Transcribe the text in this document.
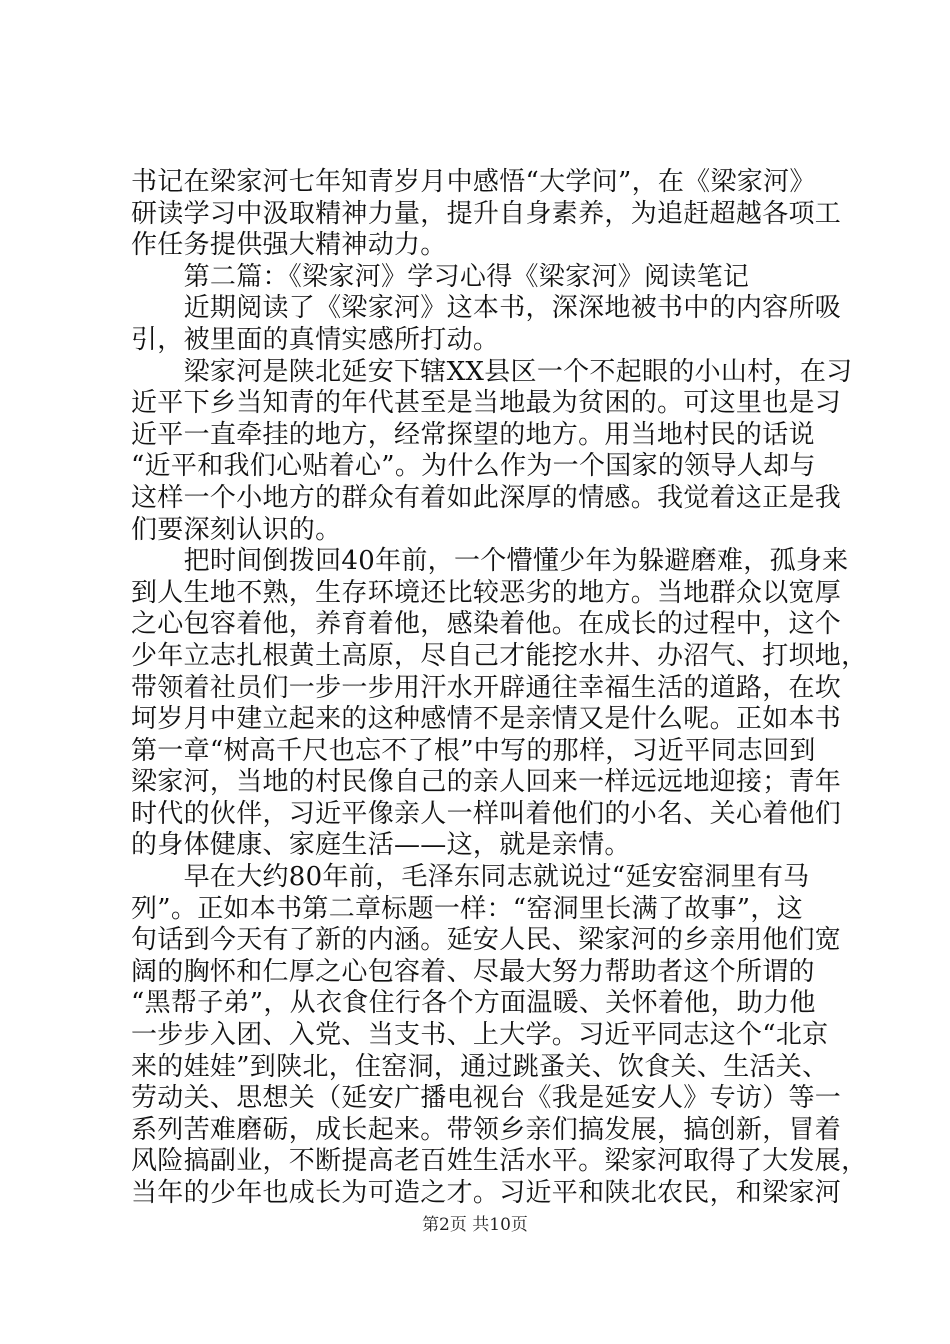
书记在梁家河七年知青岁月中感悟“大学问”，在《梁家河》
研读学习中汲取精神力量，提升自身素养，为追赶超越各项工
作任务提供强大精神动力。
　　第二篇：《梁家河》学习心得《梁家河》阅读笔记
　　近期阅读了《梁家河》这本书，深深地被书中的内容所吸
引，被里面的真情实感所打动。
　　梁家河是陕北延安下辖XX县区一个不起眼的小山村，在习
近平下乡当知青的年代甚至是当地最为贫困的。可这里也是习
近平一直牵挂的地方，经常探望的地方。用当地村民的话说
“近平和我们心贴着心”。为什么作为一个国家的领导人却与
这样一个小地方的群众有着如此深厚的情感。我觉着这正是我
们要深刻认识的。
　　把时间倒拨回40年前，一个懵懂少年为躲避磨难，孤身来
到人生地不熟，生存环境还比较恶劣的地方。当地群众以宽厚
之心包容着他，养育着他，感染着他。在成长的过程中，这个
少年立志扎根黄土高原，尽自己才能挖水井、办沼气、打坝地，
带领着社员们一步一步用汗水开辟通往幸福生活的道路，在坎
坷岁月中建立起来的这种感情不是亲情又是什么呢。正如本书
第一章“树高千尺也忘不了根”中写的那样，习近平同志回到
梁家河，当地的村民像自己的亲人回来一样远远地迎接；青年
时代的伙伴，习近平像亲人一样叫着他们的小名、关心着他们
的身体健康、家庭生活——这，就是亲情。
　　早在大约80年前，毛泽东同志就说过“延安窑洞里有马
列”。正如本书第二章标题一样：“窑洞里长满了故事”，这
句话到今天有了新的内涵。延安人民、梁家河的乡亲用他们宽
阔的胸怀和仁厚之心包容着、尽最大努力帮助者这个所谓的
“黑帮子弟”，从衣食住行各个方面温暖、关怀着他，助力他
一步步入团、入党、当支书、上大学。习近平同志这个“北京
来的娃娃”到陕北，住窑洞，通过跳蚤关、饮食关、生活关、
劳动关、思想关（延安广播电视台《我是延安人》专访）等一
系列苦难磨砺，成长起来。带领乡亲们搞发展，搞创新，冒着
风险搞副业，不断提高老百姓生活水平。梁家河取得了大发展，
当年的少年也成长为可造之才。习近平和陕北农民，和梁家河
第2页 共10页
